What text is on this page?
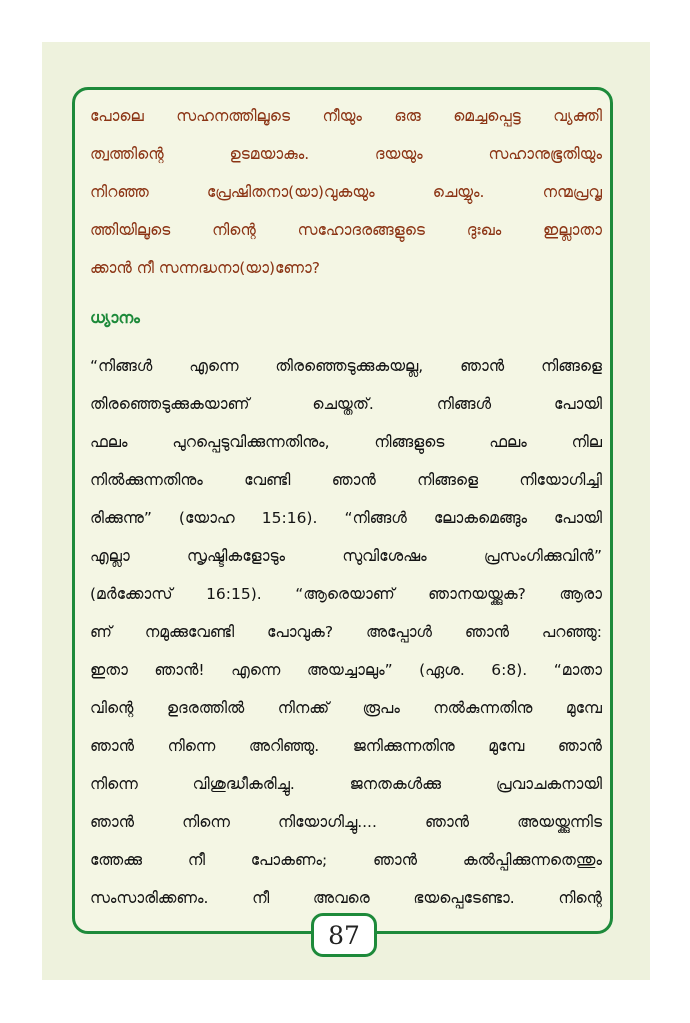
പോലെ സഹനത്തിലൂടെ നീയും ഒരു മെച്ചപ്പെട്ട വ്യക്തി
ത്വത്തിന്റെ	ഉടമയാകും.	ദയയും	സഹാനുഭൂതിയും
നിറഞ്ഞ	പ്രേഷിതനാ(യാ)വുകയും	ചെയ്യും.	നന്മപ്രവൃ
ത്തിയിലൂടെ	നിന്റെ	സഹോദരങ്ങളുടെ	ദുഃഖം	ഇല്ലാതാ
ക്കാൻ നീ സന്നദ്ധനാ(യാ)ണോ?
ധ്യാനം
“നിങ്ങൾ എന്നെ തിരഞ്ഞെടുക്കുകയല്ല, ഞാൻ നിങ്ങളെ
തിരഞ്ഞെടുക്കുകയാണ്	ചെയ്തത്.	നിങ്ങൾ	പോയി
ഫലം	പുറപ്പെടുവിക്കുന്നതിനും,	നിങ്ങളുടെ	ഫലം	നില
നിൽക്കുന്നതിനും	വേണ്ടി	ഞാൻ	നിങ്ങളെ	നിയോഗിച്ചി
രിക്കുന്നു” (യോഹ 15:16). “നിങ്ങൾ ലോകമെങ്ങും പോയി
എല്ലാ	സൃഷ്ടികളോടും	സുവിശേഷം	പ്രസംഗിക്കുവിൻ”
(മർക്കോസ് 16:15). “ആരെയാണ് ഞാനയയ്ക്കുക? ആരാ
ണ് നമുക്കുവേണ്ടി പോവുക? അപ്പോൾ ഞാൻ പറഞ്ഞു:
ഇതാ ഞാൻ! എന്നെ അയച്ചാലും” (ഏശ. 6:8). “മാതാ
വിന്റെ ഉദരത്തിൽ നിനക്ക് രൂപം നൽകുന്നതിനു മുമ്പേ
ഞാൻ നിന്നെ അറിഞ്ഞു. ജനിക്കുന്നതിനു മുമ്പേ ഞാൻ
നിന്നെ	വിശുദ്ധീകരിച്ചു.	ജനതകൾക്കു	പ്രവാചകനായി
ഞാൻ	നിന്നെ	നിയോഗിച്ചു....	ഞാൻ	അയയ്ക്കുന്നിട
ത്തേക്കു	നീ	പോകണം;	ഞാൻ	കൽപ്പിക്കുന്നതെന്തും
സംസാരിക്കണം.	നീ	അവരെ	ഭയപ്പെടേണ്ടാ.	നിന്റെ
87
